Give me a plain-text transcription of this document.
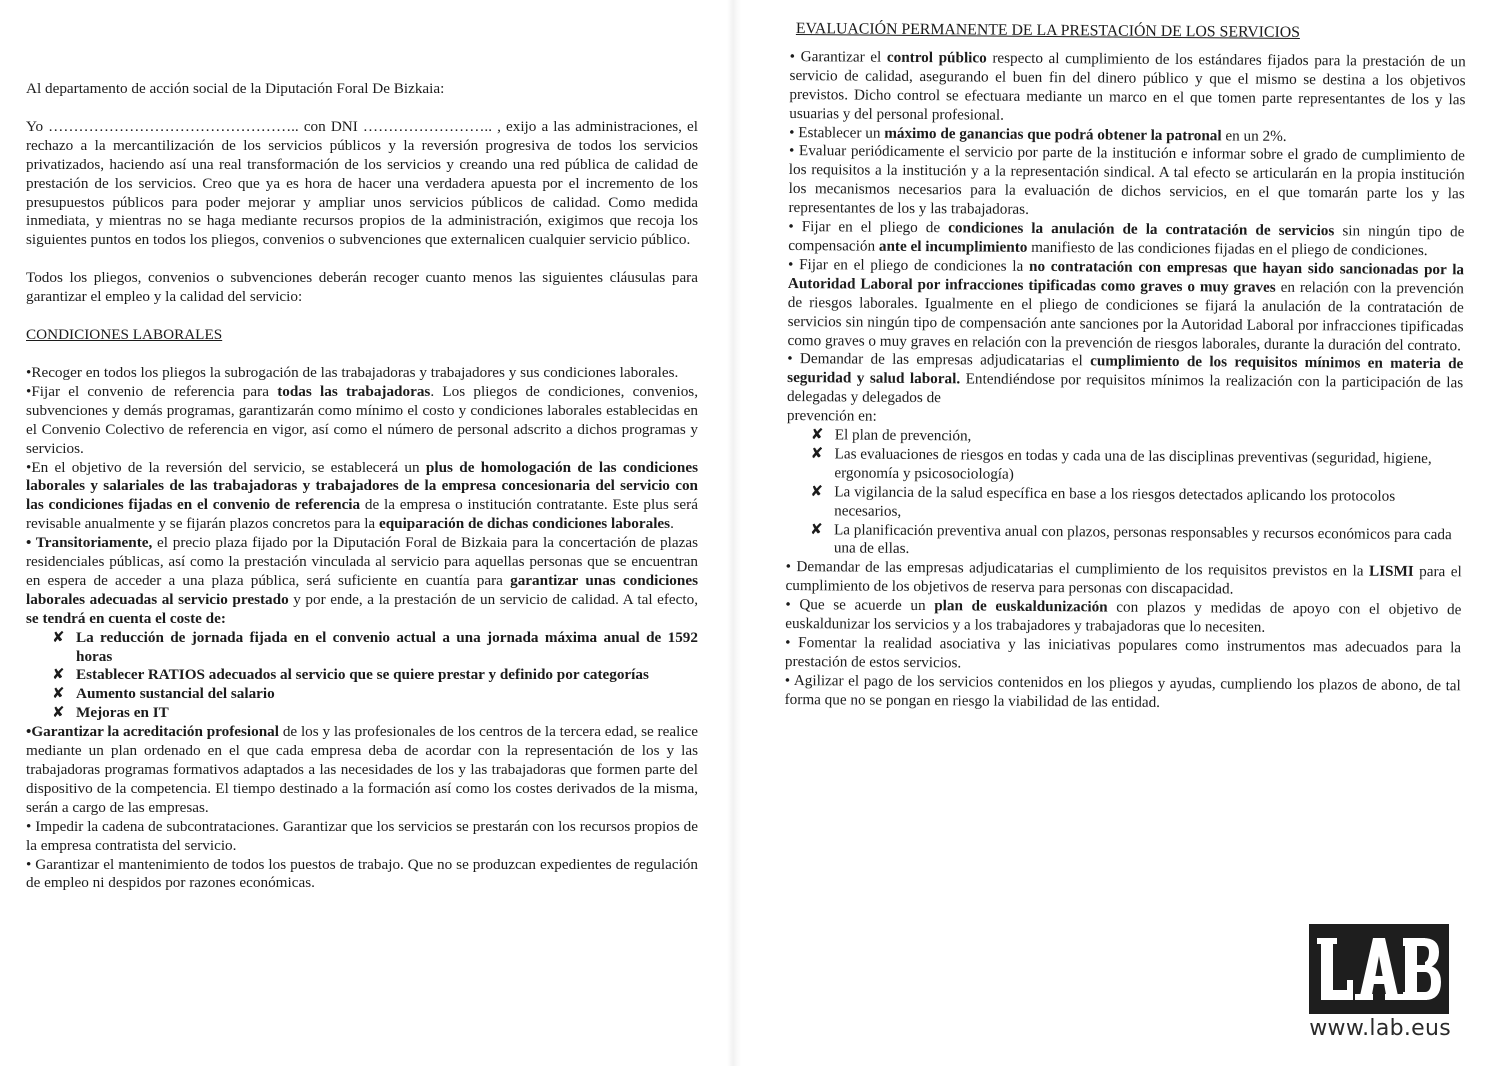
Al departamento de acción social de la Diputación Foral De Bizkaia:

Yo ………………………………………….. con DNI …………………….. , exijo a las administraciones, el rechazo a la mercantilización de los servicios públicos y la reversión progresiva de todos los servicios privatizados, haciendo así una real transformación de los servicios y creando una red pública de calidad de prestación de los servicios. Creo que ya es hora de hacer una verdadera apuesta por el incremento de los presupuestos públicos para poder mejorar y ampliar unos servicios públicos de calidad. Como medida inmediata, y mientras no se haga mediante recursos propios de la administración, exigimos que recoja los siguientes puntos en todos los pliegos, convenios o subvenciones que externalicen cualquier servicio público.

Todos los pliegos, convenios o subvenciones deberán recoger cuanto menos las siguientes cláusulas para garantizar el empleo y la calidad del servicio:

CONDICIONES LABORALES

•Recoger en todos los pliegos la subrogación de las trabajadoras y trabajadores y sus condiciones laborales.

•Fijar el convenio de referencia para todas las trabajadoras. Los pliegos de condiciones, convenios, subvenciones y demás programas, garantizarán como mínimo el costo y condiciones laborales establecidas en el Convenio Colectivo de referencia en vigor, así como el número de personal adscrito a dichos programas y servicios.

•En el objetivo de la reversión del servicio, se establecerá un plus de homologación de las condiciones laborales y salariales de las trabajadoras y trabajadores de la empresa concesionaria del servicio con las condiciones fijadas en el convenio de referencia de la empresa o institución contratante. Este plus será revisable anualmente y se fijarán plazos concretos para la equiparación de dichas condiciones laborales.

• Transitoriamente, el precio plaza fijado por la Diputación Foral de Bizkaia para la concertación de plazas residenciales públicas, así como la prestación vinculada al servicio para aquellas personas que se encuentran en espera de acceder a una plaza pública, será suficiente en cuantía para garantizar unas condiciones laborales adecuadas al servicio prestado y por ende, a la prestación de un servicio de calidad. A tal efecto, se tendrá en cuenta el coste de:

✘ La reducción de jornada fijada en el convenio actual a una jornada máxima anual de 1592 horas
✘ Establecer RATIOS adecuados al servicio que se quiere prestar y definido por categorías
✘ Aumento sustancial del salario
✘ Mejoras en IT

•Garantizar la acreditación profesional de los y las profesionales de los centros de la tercera edad, se realice mediante un plan ordenado en el que cada empresa deba de acordar con la representación de los y las trabajadoras programas formativos adaptados a las necesidades de los y las trabajadoras que formen parte del dispositivo de la competencia. El tiempo destinado a la formación así como los costes derivados de la misma, serán a cargo de las empresas.

• Impedir la cadena de subcontrataciones. Garantizar que los servicios se prestarán con los recursos propios de la empresa contratista del servicio.

• Garantizar el mantenimiento de todos los puestos de trabajo. Que no se produzcan expedientes de regulación de empleo ni despidos por razones económicas.

EVALUACIÓN PERMANENTE DE LA PRESTACIÓN DE LOS SERVICIOS

• Garantizar el control público respecto al cumplimiento de los estándares fijados para la prestación de un servicio de calidad, asegurando el buen fin del dinero público y que el mismo se destina a los objetivos previstos. Dicho control se efectuara mediante un marco en el que tomen parte representantes de los y las usuarias y del personal profesional.

• Establecer un máximo de ganancias que podrá obtener la patronal en un 2%.

• Evaluar periódicamente el servicio por parte de la institución e informar sobre el grado de cumplimiento de los requisitos a la institución y a la representación sindical. A tal efecto se articularán en la propia institución los mecanismos necesarios para la evaluación de dichos servicios, en el que tomarán parte los y las representantes de los y las trabajadoras.

• Fijar en el pliego de condiciones la anulación de la contratación de servicios sin ningún tipo de compensación ante el incumplimiento manifiesto de las condiciones fijadas en el pliego de condiciones.

• Fijar en el pliego de condiciones la no contratación con empresas que hayan sido sancionadas por la Autoridad Laboral por infracciones tipificadas como graves o muy graves en relación con la prevención de riesgos laborales. Igualmente en el pliego de condiciones se fijará la anulación de la contratación de servicios sin ningún tipo de compensación ante sanciones por la Autoridad Laboral por infracciones tipificadas como graves o muy graves en relación con la prevención de riesgos laborales, durante la duración del contrato.

• Demandar de las empresas adjudicatarias el cumplimiento de los requisitos mínimos en materia de seguridad y salud laboral. Entendiéndose por requisitos mínimos la realización con la participación de las delegadas y delegados de

prevención en:

✘ El plan de prevención,
✘ Las evaluaciones de riesgos en todas y cada una de las disciplinas preventivas (seguridad, higiene, ergonomía y psicosociología)
✘ La vigilancia de la salud específica en base a los riesgos detectados aplicando los protocolos necesarios,
✘ La planificación preventiva anual con plazos, personas responsables y recursos económicos para cada una de ellas.

• Demandar de las empresas adjudicatarias el cumplimiento de los requisitos previstos en la LISMI para el cumplimiento de los objetivos de reserva para personas con discapacidad.

• Que se acuerde un plan de euskaldunización con plazos y medidas de apoyo con el objetivo de euskaldunizar los servicios y a los trabajadores y trabajadoras que lo necesiten.

• Fomentar la realidad asociativa y las iniciativas populares como instrumentos mas adecuados para la prestación de estos servicios.

• Agilizar el pago de los servicios contenidos en los pliegos y ayudas, cumpliendo los plazos de abono, de tal forma que no se pongan en riesgo la viabilidad de las entidad.

www.lab.eus
